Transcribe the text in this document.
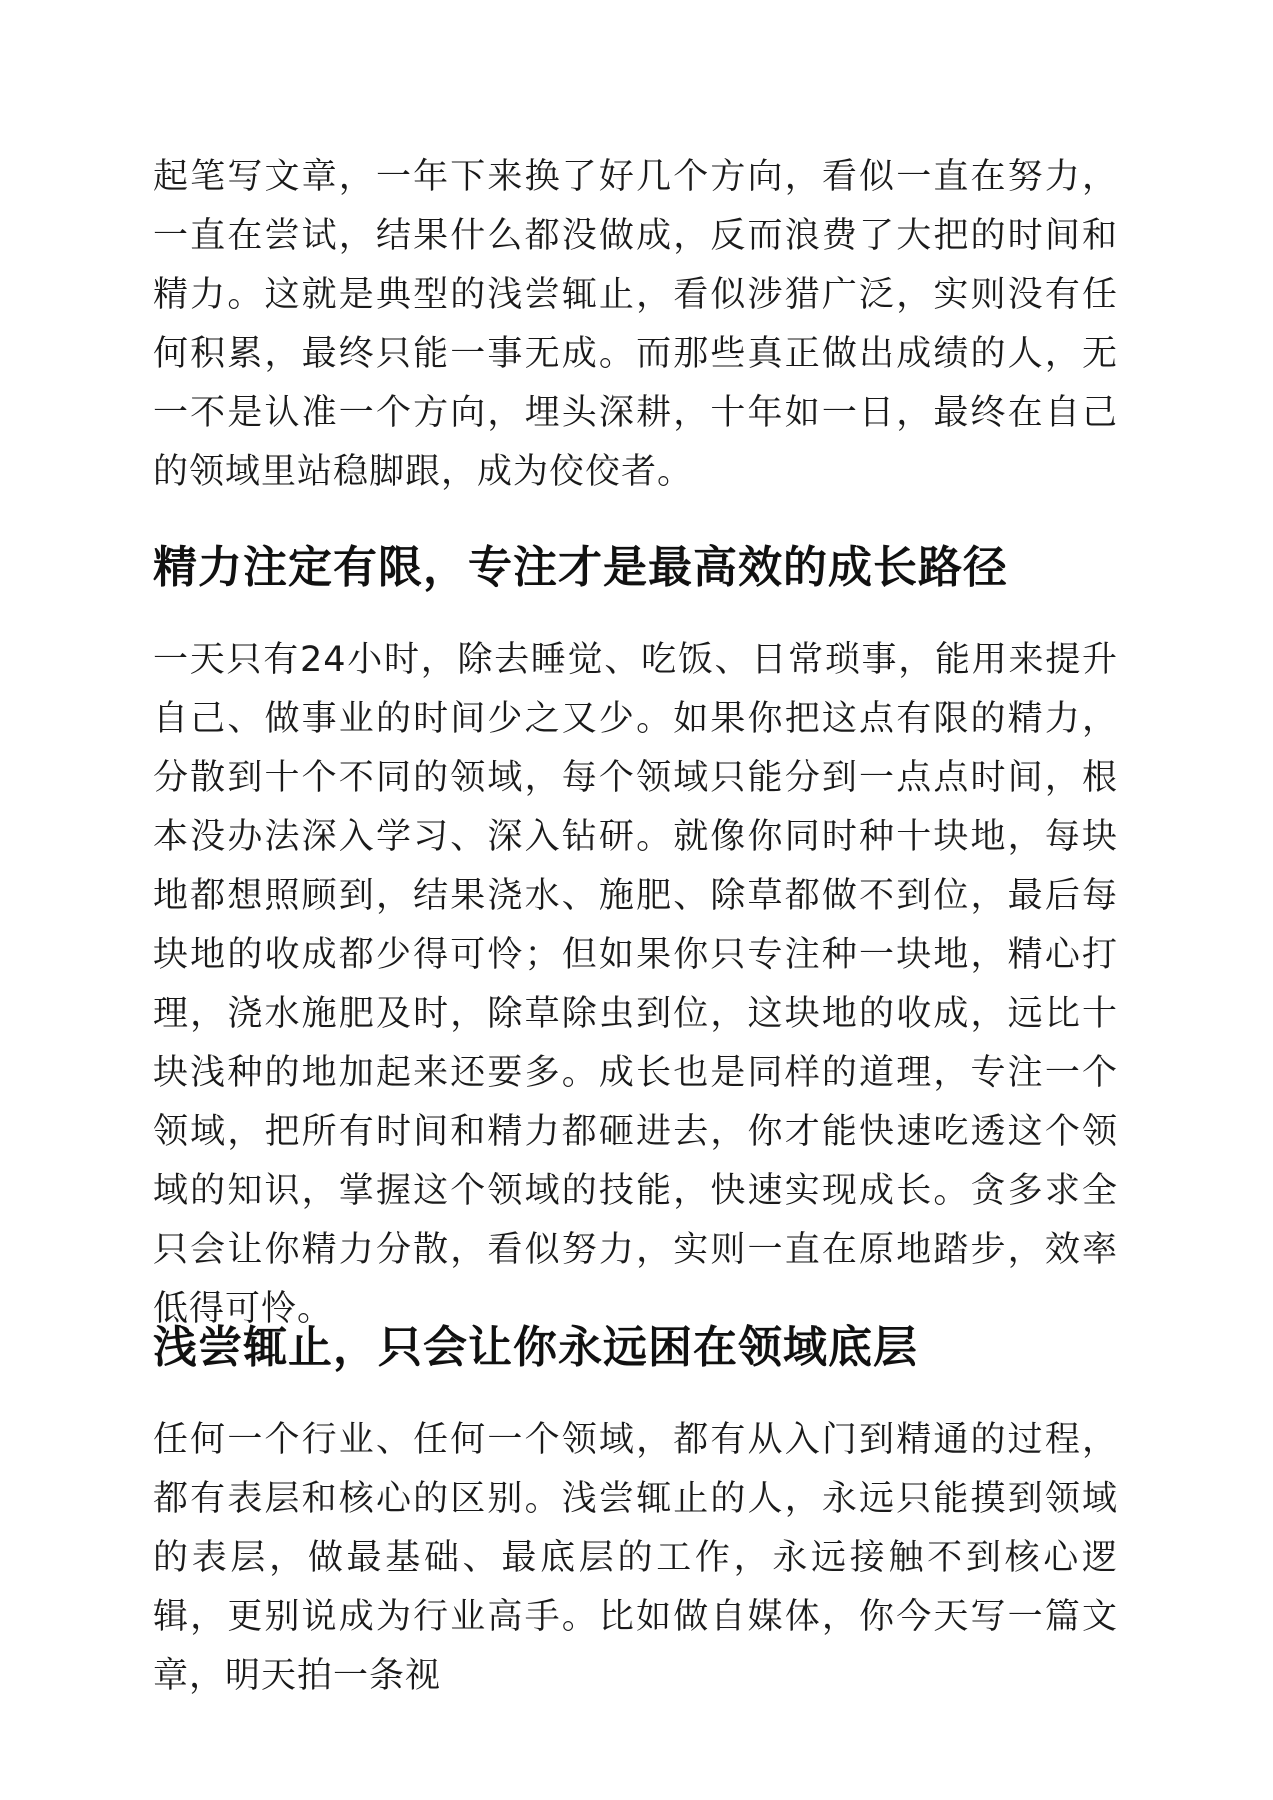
起笔写文章，一年下来换了好几个方向，看似一直在努力，一直在尝试，结果什么都没做成，反而浪费了大把的时间和精力。这就是典型的浅尝辄止，看似涉猎广泛，实则没有任何积累，最终只能一事无成。而那些真正做出成绩的人，无一不是认准一个方向，埋头深耕，十年如一日，最终在自己的领域里站稳脚跟，成为佼佼者。

精力注定有限，专注才是最高效的成长路径

一天只有24小时，除去睡觉、吃饭、日常琐事，能用来提升自己、做事业的时间少之又少。如果你把这点有限的精力，分散到十个不同的领域，每个领域只能分到一点点时间，根本没办法深入学习、深入钻研。就像你同时种十块地，每块地都想照顾到，结果浇水、施肥、除草都做不到位，最后每块地的收成都少得可怜；但如果你只专注种一块地，精心打理，浇水施肥及时，除草除虫到位，这块地的收成，远比十块浅种的地加起来还要多。成长也是同样的道理，专注一个领域，把所有时间和精力都砸进去，你才能快速吃透这个领域的知识，掌握这个领域的技能，快速实现成长。贪多求全只会让你精力分散，看似努力，实则一直在原地踏步，效率低得可怜。

浅尝辄止，只会让你永远困在领域底层

任何一个行业、任何一个领域，都有从入门到精通的过程，都有表层和核心的区别。浅尝辄止的人，永远只能摸到领域的表层，做最基础、最底层的工作，永远接触不到核心逻辑，更别说成为行业高手。比如做自媒体，你今天写一篇文章，明天拍一条视
